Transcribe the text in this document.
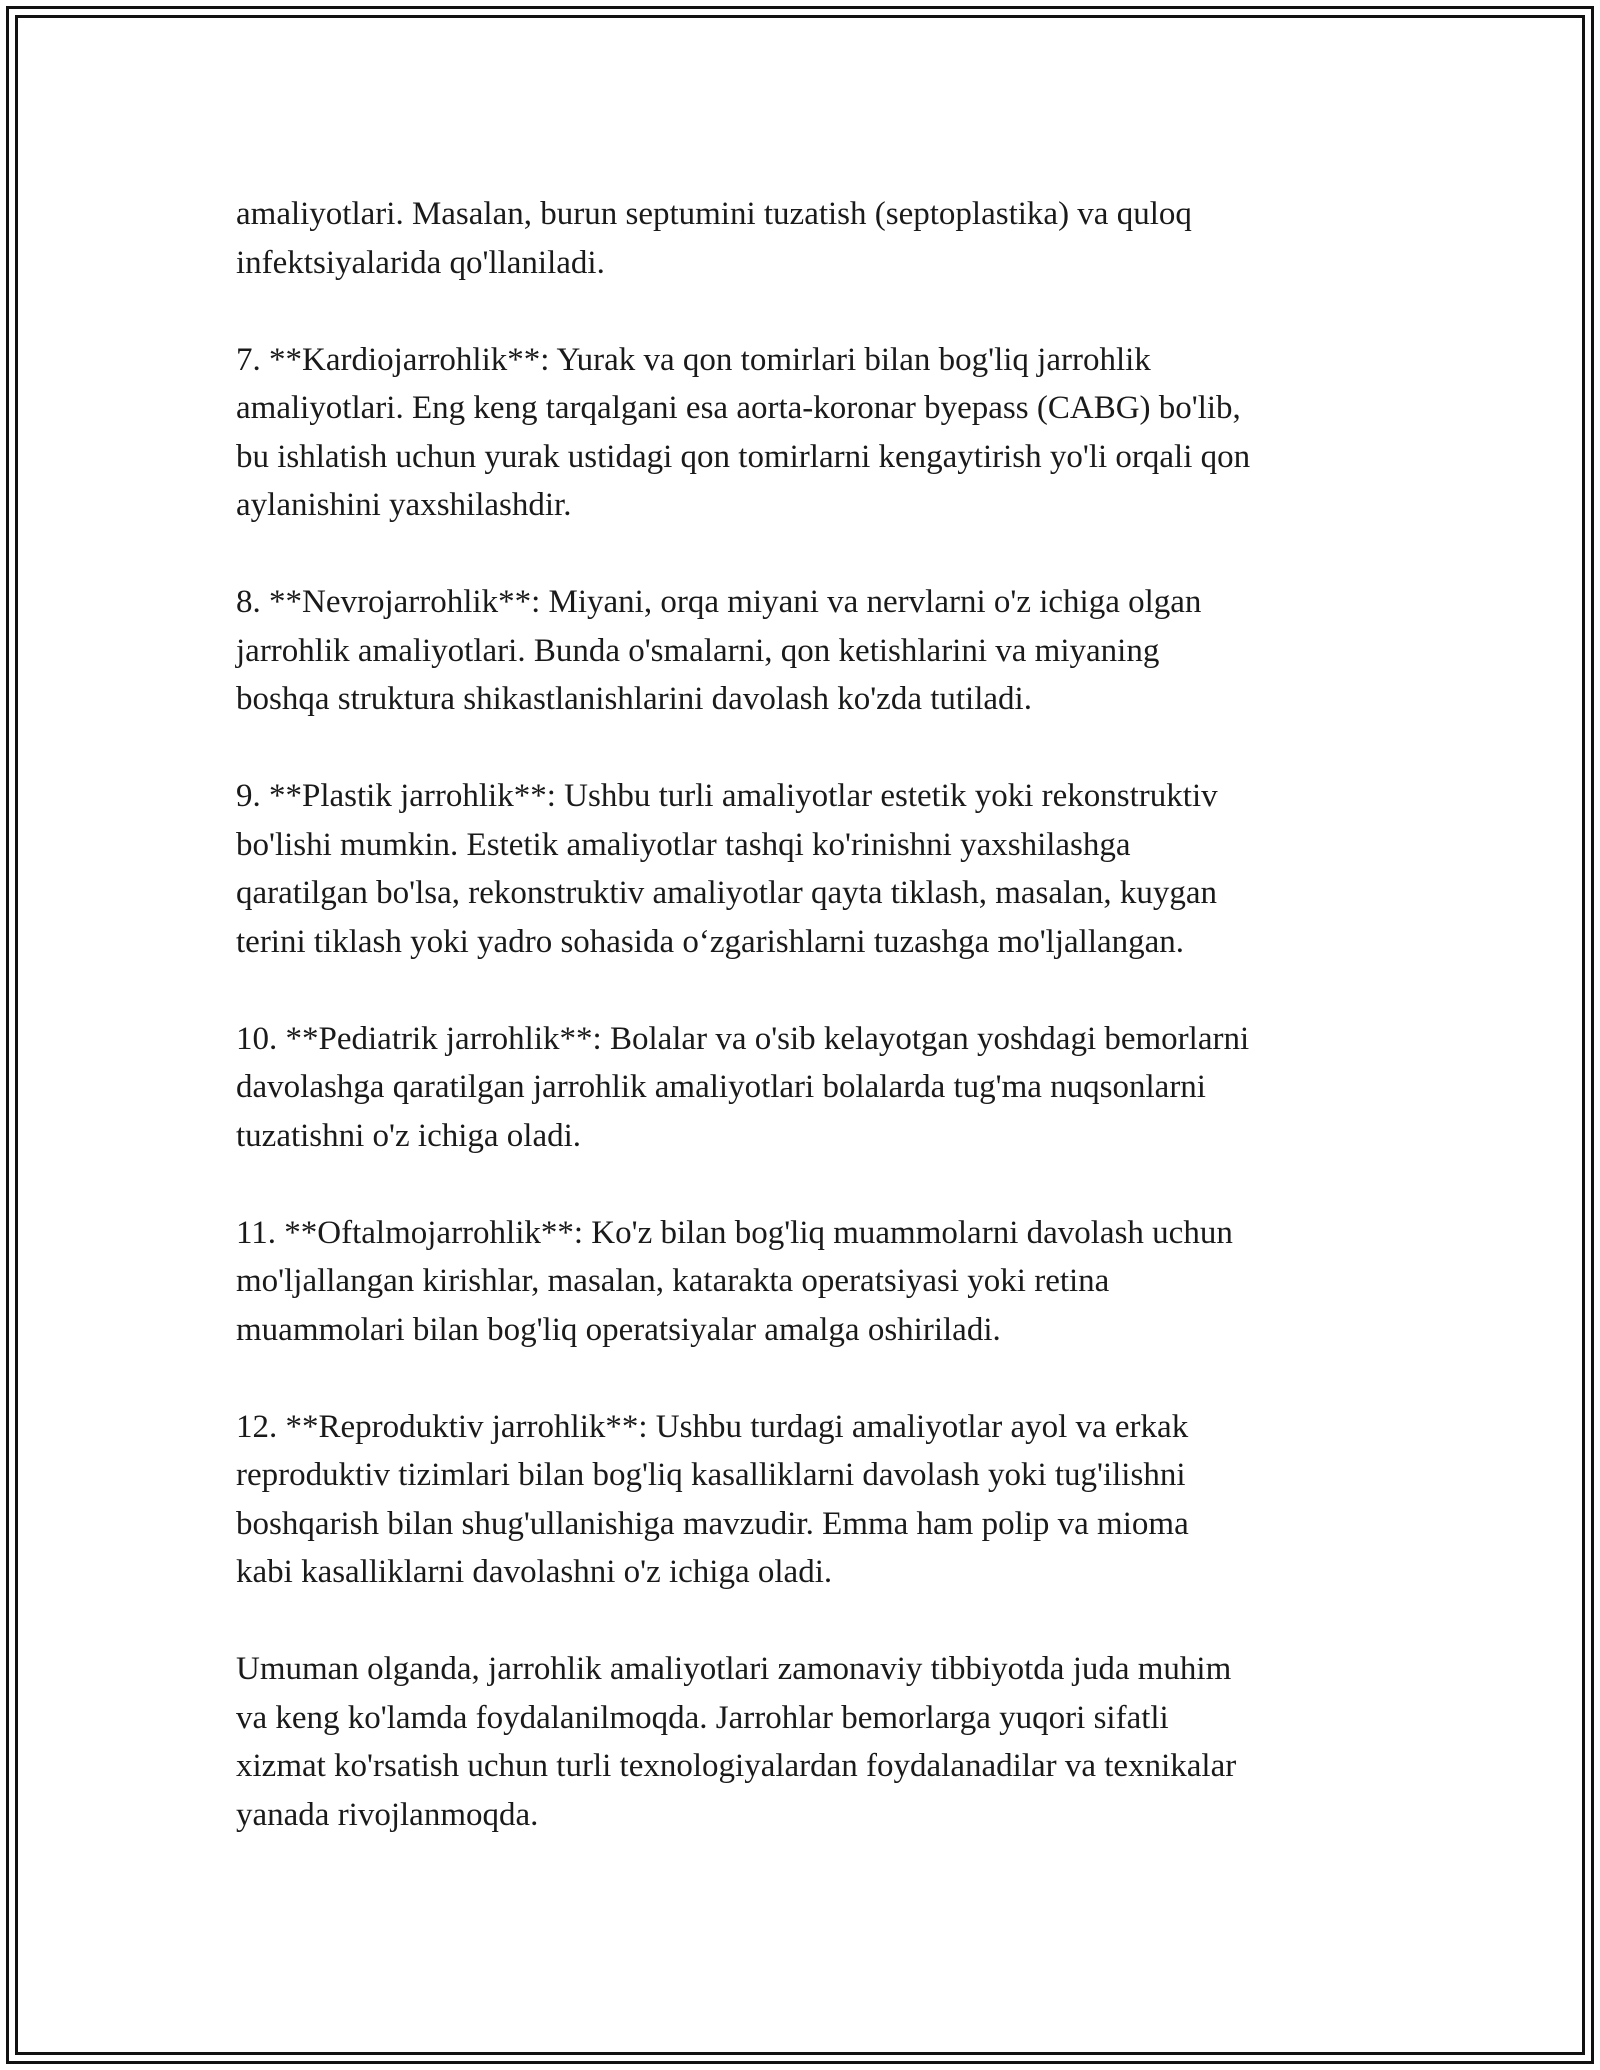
amaliyotlari. Masalan, burun septumini tuzatish (septoplastika) va quloq
infektsiyalarida qo'llaniladi.

7. **Kardiojarrohlik**: Yurak va qon tomirlari bilan bog'liq jarrohlik
amaliyotlari. Eng keng tarqalgani esa aorta-koronar byepass (CABG) bo'lib,
bu ishlatish uchun yurak ustidagi qon tomirlarni kengaytirish yo'li orqali qon
aylanishini yaxshilashdir.

8. **Nevrojarrohlik**: Miyani, orqa miyani va nervlarni o'z ichiga olgan
jarrohlik amaliyotlari. Bunda o'smalarni, qon ketishlarini va miyaning
boshqa struktura shikastlanishlarini davolash ko'zda tutiladi.

9. **Plastik jarrohlik**: Ushbu turli amaliyotlar estetik yoki rekonstruktiv
bo'lishi mumkin. Estetik amaliyotlar tashqi ko'rinishni yaxshilashga
qaratilgan bo'lsa, rekonstruktiv amaliyotlar qayta tiklash, masalan, kuygan
terini tiklash yoki yadro sohasida o‘zgarishlarni tuzashga mo'ljallangan.

10. **Pediatrik jarrohlik**: Bolalar va o'sib kelayotgan yoshdagi bemorlarni
davolashga qaratilgan jarrohlik amaliyotlari bolalarda tug'ma nuqsonlarni
tuzatishni o'z ichiga oladi.

11. **Oftalmojarrohlik**: Ko'z bilan bog'liq muammolarni davolash uchun
mo'ljallangan kirishlar, masalan, katarakta operatsiyasi yoki retina
muammolari bilan bog'liq operatsiyalar amalga oshiriladi.

12. **Reproduktiv jarrohlik**: Ushbu turdagi amaliyotlar ayol va erkak
reproduktiv tizimlari bilan bog'liq kasalliklarni davolash yoki tug'ilishni
boshqarish bilan shug'ullanishiga mavzudir. Emma ham polip va mioma
kabi kasalliklarni davolashni o'z ichiga oladi.

Umuman olganda, jarrohlik amaliyotlari zamonaviy tibbiyotda juda muhim
va keng ko'lamda foydalanilmoqda. Jarrohlar bemorlarga yuqori sifatli
xizmat ko'rsatish uchun turli texnologiyalardan foydalanadilar va texnikalar
yanada rivojlanmoqda.
